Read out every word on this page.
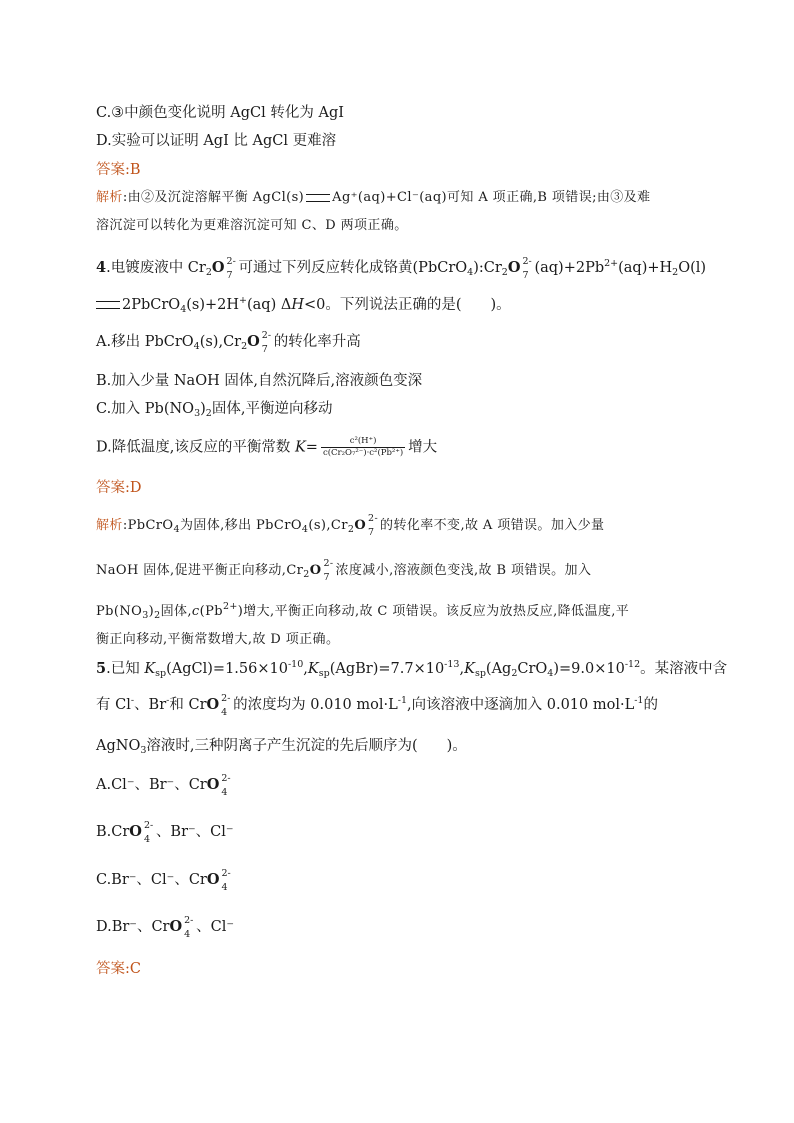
C.③中颜色变化说明 AgCl 转化为 AgI
D.实验可以证明 AgI 比 AgCl 更难溶
答案:B
解析:由②及沉淀溶解平衡 AgCl(s) Ag⁺(aq)+Cl⁻(aq)可知 A 项正确,B 项错误;由③及难
溶沉淀可以转化为更难溶沉淀可知 C、D 两项正确。
4.电镀废液中 $Cr_2O$ 2-
7 可通过下列反应转化成铬黄$(PbCrO_4):Cr_2O$ 2-
7 $(aq)+2Pb^{2+}(aq)+H_2O(l)$
2PbCrO$_4$(s)+2H+(aq) ΔH<0。下列说法正确的是(　　)。
A.移出 $PbCrO_4(s),Cr_2O$ 2-
7 的转化率升高
B.加入少量 NaOH 固体,自然沉降后,溶液颜色变深
C.加入 $Pb(NO_3)_2$固体,平衡逆向移动
D.降低温度,该反应的平衡常数 $K= \frac{\text{c²(H⁺)}}{\text{c(Cr₂O₇²⁻)·c²(Pb²⁺)}}$ 增大
答案:D
解析:PbCrO$_4$为固体,移出 $PbCrO_4(s),Cr_2O$ 2-
7 的转化率不变,故 A 项错误。加入少量
NaOH 固体,促进平衡正向移动$,Cr_2O$ 2-
7 浓度减小,溶液颜色变浅,故 B 项错误。加入
$Pb(NO_3)_2$固体$,c(Pb^{2+})$增大,平衡正向移动,故 C 项错误。该反应为放热反应,降低温度,平
衡正向移动,平衡常数增大,故 D 项正确。
5.已知 $K_{sp}(AgCl)=1.56\times 10^{-10},K_{sp}(AgBr)=7.7\times 10^{-13},K_{sp}(Ag_2CrO_4)=9.0\times 10^{-12}$。某溶液中含
有 Cl-、Br-和 CrO 2-
4 的浓度均为 0.010 $mol\cdot L^{-1}$,向该溶液中逐滴加入 0.010 $mol\cdot L^{-1}$的
AgNO$_3$溶液时,三种阴离子产生沉淀的先后顺序为(　　)。
A.Cl⁻、Br⁻、CrO 2-
4
B.CrO 2-
4 、Br⁻、Cl⁻
C.Br⁻、Cl⁻、CrO 2-
4
D.Br⁻、CrO 2-
4 、Cl⁻
答案:C
